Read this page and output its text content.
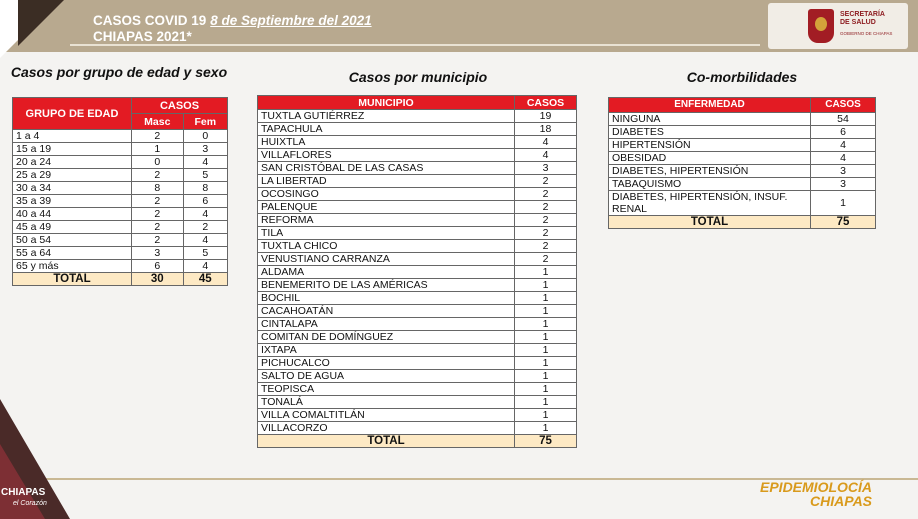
CASOS COVID 19 8 de Septiembre del 2021
CHIAPAS 2021*
SECRETARÍA
DE SALUD
GOBIERNO DE CHIAPAS
Casos por grupo de edad y sexo
GRUPO DE EDAD	CASOS	
	Masc	Fem
1 a 4	2	0
15 a 19	1	3
20 a 24	0	4
25 a 29	2	5
30 a 34	8	8
35 a 39	2	6
40 a 44	2	4
45 a 49	2	2
50 a 54	2	4
55 a 64	3	5
65 y más	6	4
TOTAL	30	45
Casos por municipio
MUNICIPIO	CASOS
TUXTLA GUTIÉRREZ	19
TAPACHULA	18
HUIXTLA	4
VILLAFLORES	4
SAN CRISTÓBAL DE LAS CASAS	3
LA LIBERTAD	2
OCOSINGO	2
PALENQUE	2
REFORMA	2
TILA	2
TUXTLA CHICO	2
VENUSTIANO CARRANZA	2
ALDAMA	1
BENEMERITO DE LAS AMÉRICAS	1
BOCHIL	1
CACAHOATÁN	1
CINTALAPA	1
COMITAN DE DOMÍNGUEZ	1
IXTAPA	1
PICHUCALCO	1
SALTO DE AGUA	1
TEOPISCA	1
TONALÁ	1
VILLA COMALTITLÁN	1
VILLACORZO	1
TOTAL	75
Co-morbilidades
ENFERMEDAD	CASOS
NINGUNA	54
DIABETES	6
HIPERTENSIÓN	4
OBESIDAD	4
DIABETES, HIPERTENSIÓN	3
TABAQUISMO	3
DIABETES, HIPERTENSIÓN, INSUF. RENAL	1
TOTAL	75
CHIAPAS
el Corazón
EPIDEMIOLOCÍA
CHIAPAS
